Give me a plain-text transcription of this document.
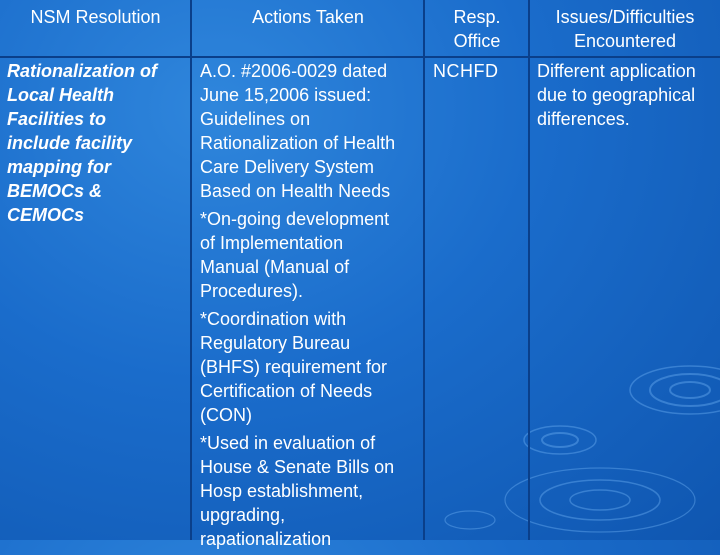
NSM Resolution
Rationalization of
Local Health
Facilities to
include facility
mapping for
BEMOCs &
CEMOCs
Actions Taken
A.O. #2006-0029 dated
June 15,2006 issued:
Guidelines on
Rationalization of Health
Care Delivery System
Based on Health Needs
*On-going development
of Implementation
Manual (Manual of
Procedures).
*Coordination with
Regulatory Bureau
(BHFS) requirement for
Certification of Needs
(CON)
*Used in evaluation of
House & Senate Bills on
Hosp establishment,
upgrading,
rapationalization
Resp.
Office
NCHFD
Issues/Difficulties
Encountered
Different application
due to geographical
differences.
